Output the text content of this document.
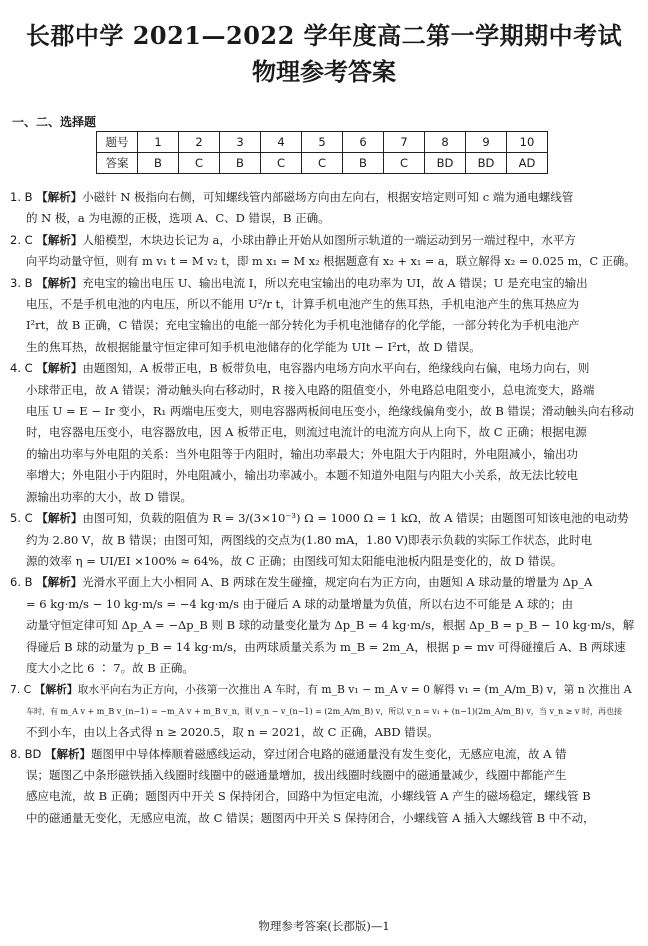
长郡中学 2021—2022 学年度高二第一学期期中考试
物理参考答案
一、二、选择题
题号	1	2	3	4	5	6	7	8	9	10
答案	B	C	B	C	C	B	C	BD	BD	AD

1. B 【解析】小磁针 N 极指向右侧，可知螺线管内部磁场方向由左向右，根据安培定则可知 c 端为通电螺线管

的 N 极，a 为电源的正极，选项 A、C、D 错误，B 正确。

2. C 【解析】人船模型，木块边长记为 a，小球由静止开始从如图所示轨道的一端运动到另一端过程中，水平方

向平均动量守恒，则有 m v₁ t = M v₂ t，即 m x₁ = M x₂ 根据题意有 x₂ + x₁ = a，联立解得 x₂ = 0.025 m，C 正确。

3. B 【解析】充电宝的输出电压 U、输出电流 I，所以充电宝输出的电功率为 UI，故 A 错误；U 是充电宝的输出

电压，不是手机电池的内电压，所以不能用 U²/r t，计算手机电池产生的焦耳热，手机电池产生的焦耳热应为

I²rt，故 B 正确，C 错误；充电宝输出的电能一部分转化为手机电池储存的化学能，一部分转化为手机电池产

生的焦耳热，故根据能量守恒定律可知手机电池储存的化学能为 UIt − I²rt，故 D 错误。

4. C 【解析】由题图知，A 板带正电，B 板带负电，电容器内电场方向水平向右，绝缘线向右偏，电场力向右，则

小球带正电，故 A 错误；滑动触头向右移动时，R 接入电路的阻值变小，外电路总电阻变小，总电流变大，路端

电压 U = E − Ir 变小，R₁ 两端电压变大，则电容器两板间电压变小，绝缘线偏角变小，故 B 错误；滑动触头向右移动

时，电容器电压变小，电容器放电，因 A 板带正电，则流过电流计的电流方向从上向下，故 C 正确；根据电源

的输出功率与外电阻的关系：当外电阻等于内阻时，输出功率最大；外电阻大于内阻时，外电阻减小，输出功

率增大；外电阻小于内阻时，外电阻减小，输出功率减小。本题不知道外电阻与内阻大小关系，故无法比较电

源输出功率的大小，故 D 错误。

5. C 【解析】由图可知，负载的阻值为 R = 3/(3×10⁻³) Ω = 1000 Ω = 1 kΩ，故 A 错误；由题图可知该电池的电动势

约为 2.80 V，故 B 错误；由图可知，两图线的交点为(1.80 mA，1.80 V)即表示负载的实际工作状态，此时电

源的效率 η = UI/EI ×100% ≈ 64%，故 C 正确；由图线可知太阳能电池板内阻是变化的，故 D 错误。

6. B 【解析】光滑水平面上大小相同 A、B 两球在发生碰撞，规定向右为正方向，由题知 A 球动量的增量为 Δp_A

= 6 kg·m/s − 10 kg·m/s = −4 kg·m/s 由于碰后 A 球的动量增量为负值，所以右边不可能是 A 球的；由

动量守恒定律可知 Δp_A = −Δp_B 则 B 球的动量变化量为 Δp_B = 4 kg·m/s，根据 Δp_B = p_B − 10 kg·m/s，解

得碰后 B 球的动量为 p_B = 14 kg·m/s，由两球质量关系为 m_B = 2m_A，根据 p = mv 可得碰撞后 A、B 两球速

度大小之比 6 ∶ 7。故 B 正确。

7. C 【解析】取水平向右为正方向，小孩第一次推出 A 车时，有 m_B v₁ − m_A v = 0 解得 v₁ = (m_A/m_B) v，第 n 次推出 A

车时，有 m_A v + m_B v_(n−1) = −m_A v + m_B v_n，则 v_n − v_(n−1) = (2m_A/m_B) v，所以 v_n = v₁ + (n−1)(2m_A/m_B) v，当 v_n ≥ v 时，再也接

不到小车，由以上各式得 n ≥ 2020.5，取 n = 2021，故 C 正确，ABD 错误。

8. BD 【解析】题图甲中导体棒顺着磁感线运动，穿过闭合电路的磁通量没有发生变化，无感应电流，故 A 错

误；题图乙中条形磁铁插入线圈时线圈中的磁通量增加，拔出线圈时线圈中的磁通量减少，线圈中都能产生

感应电流，故 B 正确；题图丙中开关 S 保持闭合，回路中为恒定电流，小螺线管 A 产生的磁场稳定，螺线管 B

中的磁通量无变化，无感应电流，故 C 错误；题图丙中开关 S 保持闭合，小螺线管 A 插入大螺线管 B 中不动，

物理参考答案(长郡版)—1
